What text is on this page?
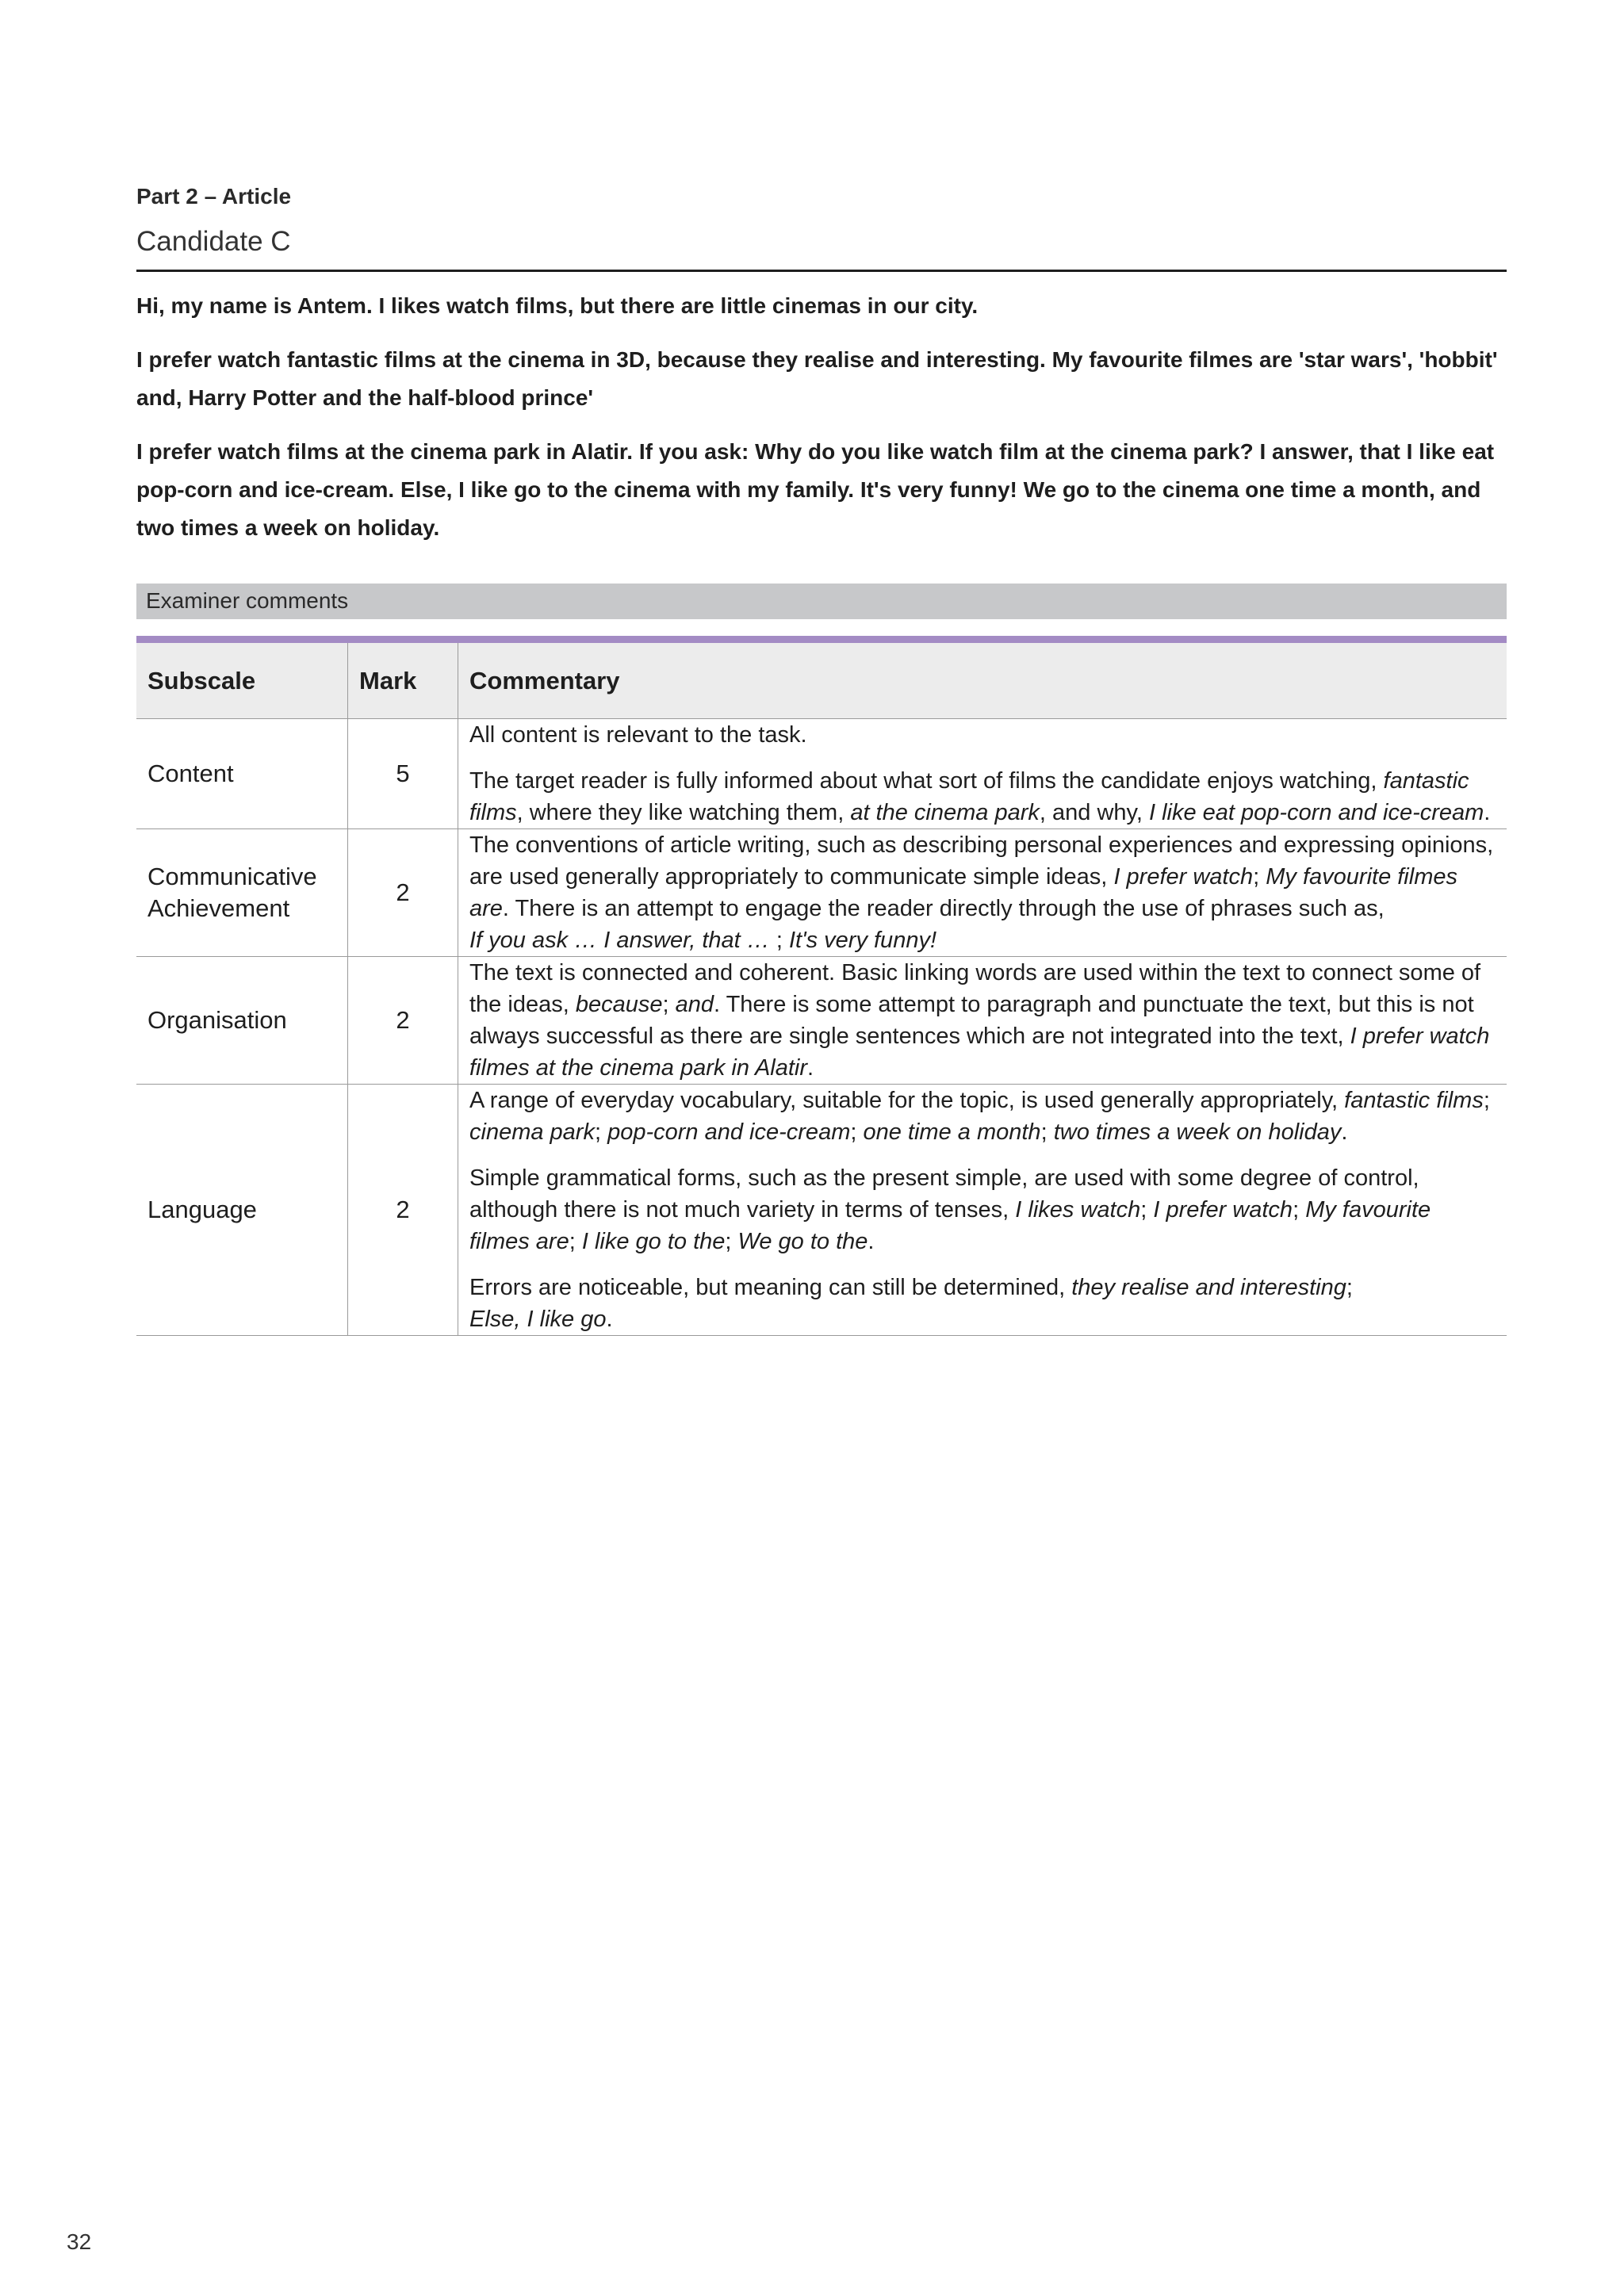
Part 2 – Article
Candidate C

Hi, my name is Antem. I likes watch films, but there are little cinemas in our city.

I prefer watch fantastic films at the cinema in 3D, because they realise and interesting. My favourite filmes are 'star wars', 'hobbit' and, Harry Potter and the half-blood prince'

I prefer watch films at the cinema park in Alatir. If you ask: Why do you like watch film at the cinema park? I answer, that I like eat pop-corn and ice-cream. Else, I like go to the cinema with my family. It's very funny! We go to the cinema one time a month, and two times a week on holiday.

Examiner comments
Subscale	Mark	Commentary
Content	5	All content is relevant to the task.

The target reader is fully informed about what sort of films the candidate enjoys watching, fantastic films, where they like watching them, at the cinema park, and why, I like eat pop-corn and ice-cream.

Communicative
Achievement	2	The conventions of article writing, such as describing personal experiences and expressing opinions, are used generally appropriately to communicate simple ideas, I prefer watch; My favourite filmes are. There is an attempt to engage the reader directly through the use of phrases such as,
If you ask … I answer, that … ; It's very funny!

Organisation	2	The text is connected and coherent. Basic linking words are used within the text to connect some of the ideas, because; and. There is some attempt to paragraph and punctuate the text, but this is not always successful as there are single sentences which are not integrated into the text, I prefer watch filmes at the cinema park in Alatir.

Language	2	A range of everyday vocabulary, suitable for the topic, is used generally appropriately, fantastic films; cinema park; pop-corn and ice-cream; one time a month; two times a week on holiday.

Simple grammatical forms, such as the present simple, are used with some degree of control, although there is not much variety in terms of tenses, I likes watch; I prefer watch; My favourite filmes are; I like go to the; We go to the.

Errors are noticeable, but meaning can still be determined, they realise and interesting;
Else, I like go.

32
